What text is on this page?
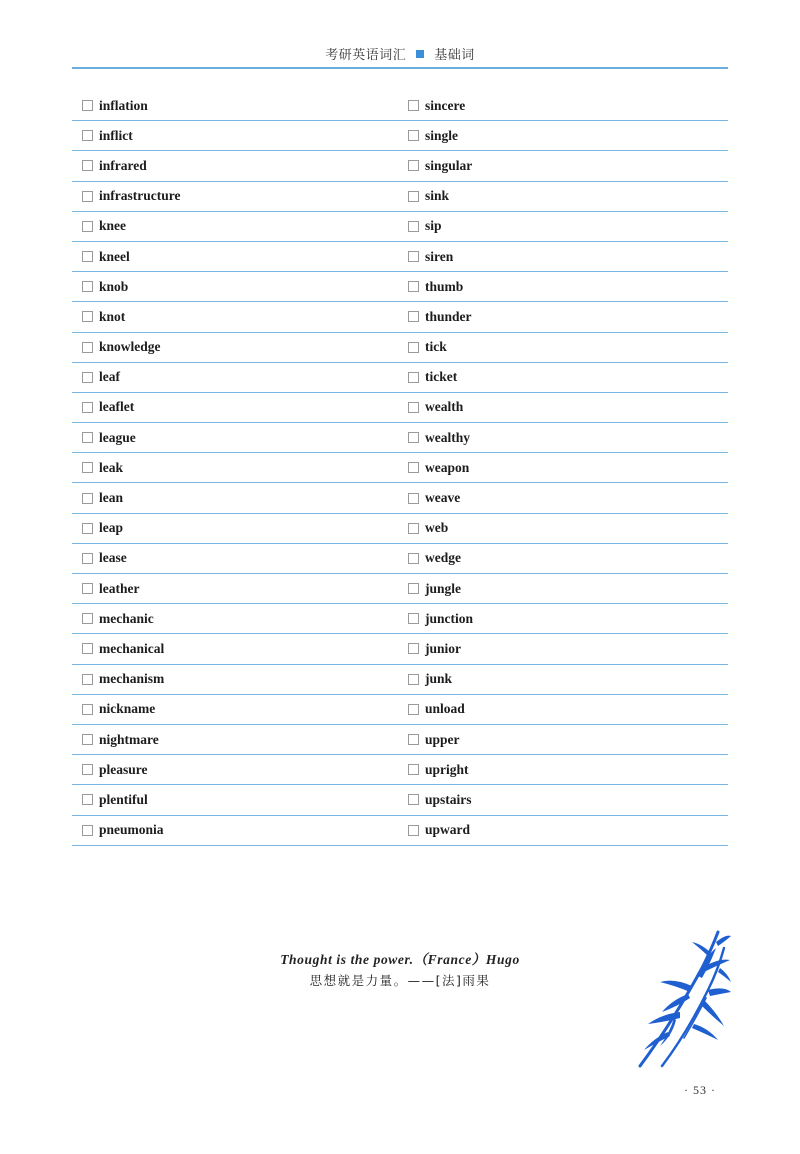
考研英语词汇 基础词
inflation	sincere
inflict	single
infrared	singular
infrastructure	sink
knee	sip
kneel	siren
knob	thumb
knot	thunder
knowledge	tick
leaf	ticket
leaflet	wealth
league	wealthy
leak	weapon
lean	weave
leap	web
lease	wedge
leather	jungle
mechanic	junction
mechanical	junior
mechanism	junk
nickname	unload
nightmare	upper
pleasure	upright
plentiful	upstairs
pneumonia	upward
Thought is the power.（France）Hugo
思想就是力量。——[法]雨果
· 53 ·
